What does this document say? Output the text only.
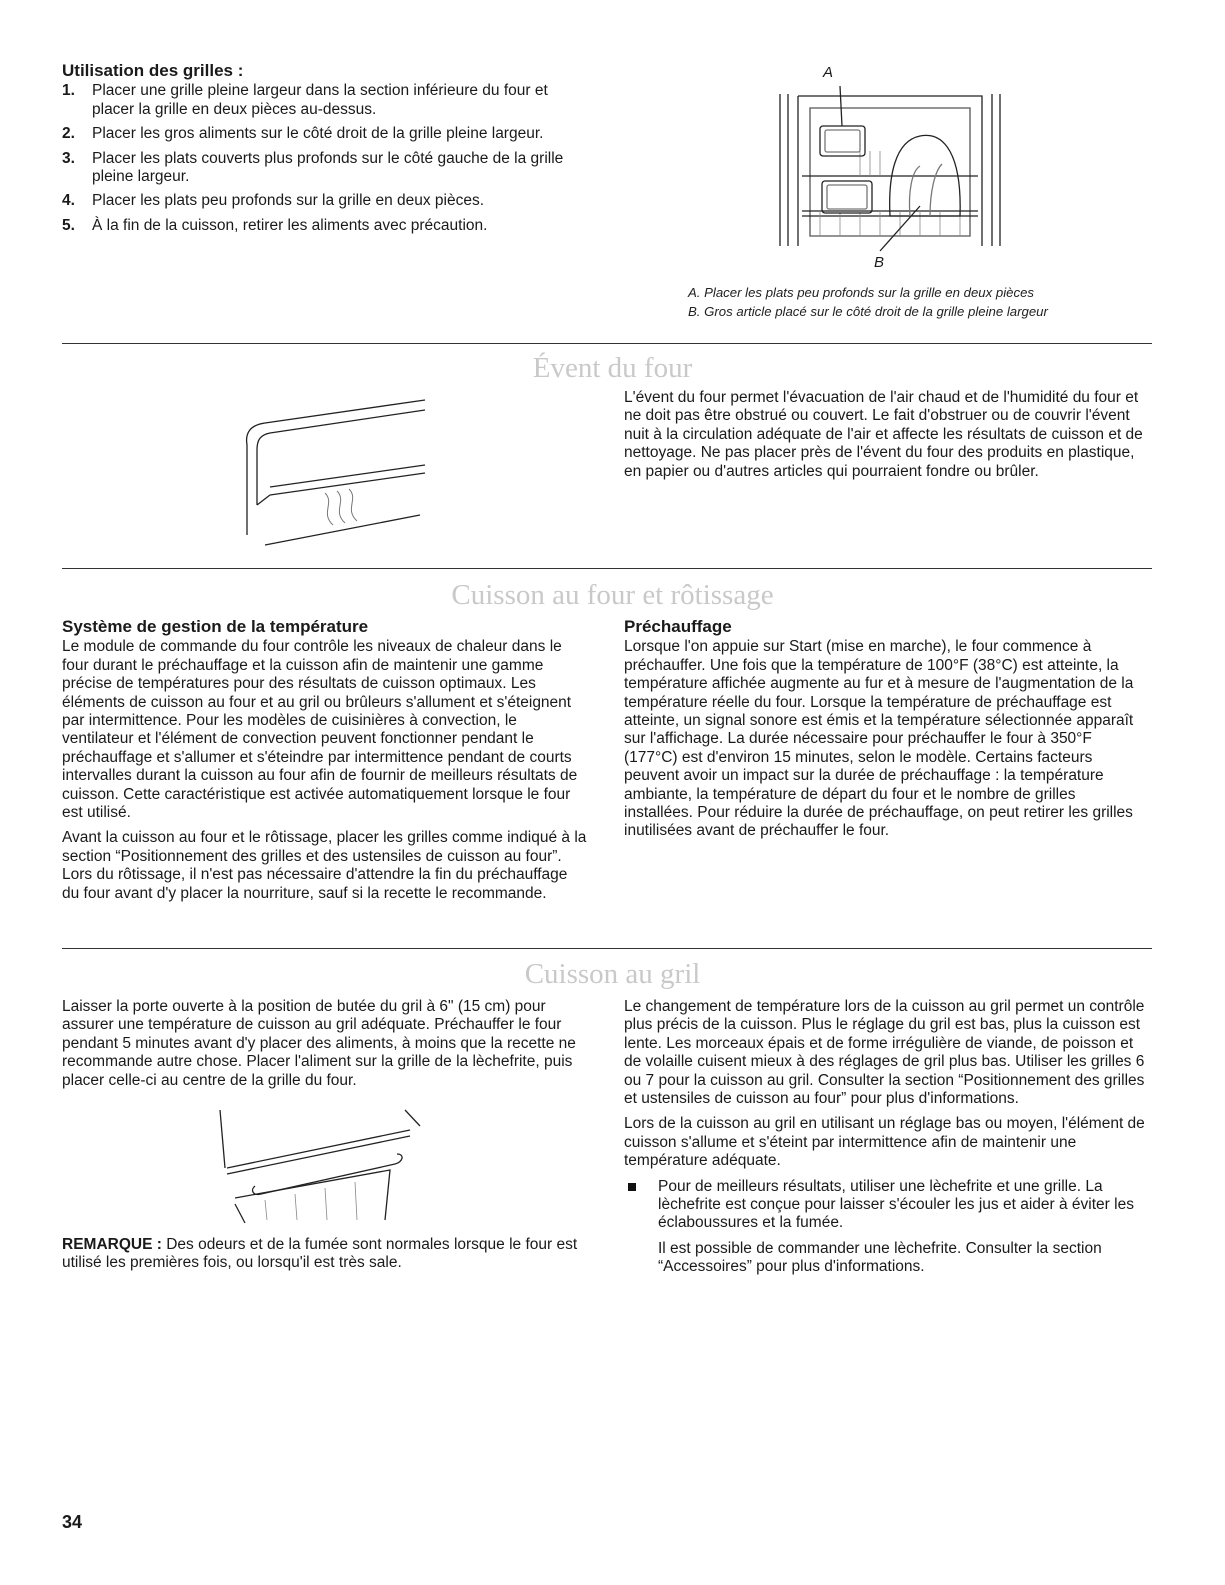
Utilisation des grilles :
1.	Placer une grille pleine largeur dans la section inférieure du four et placer la grille en deux pièces au-dessus.
2.	Placer les gros aliments sur le côté droit de la grille pleine largeur.
3.	Placer les plats couverts plus profonds sur le côté gauche de la grille pleine largeur.
4.	Placer les plats peu profonds sur la grille en deux pièces.
5.	À la fin de la cuisson, retirer les aliments avec précaution.
A
B
A. Placer les plats peu profonds sur la grille en deux pièces
B. Gros article placé sur le côté droit de la grille pleine largeur
Évent du four
L'évent du four permet l'évacuation de l'air chaud et de l'humidité du four et ne doit pas être obstrué ou couvert. Le fait d'obstruer ou de couvrir l'évent nuit à la circulation adéquate de l'air et affecte les résultats de cuisson et de nettoyage. Ne pas placer près de l'évent du four des produits en plastique, en papier ou d'autres articles qui pourraient fondre ou brûler.
Cuisson au four et rôtissage
Système de gestion de la température

Le module de commande du four contrôle les niveaux de chaleur dans le four durant le préchauffage et la cuisson afin de maintenir une gamme précise de températures pour des résultats de cuisson optimaux. Les éléments de cuisson au four et au gril ou brûleurs s'allument et s'éteignent par intermittence. Pour les modèles de cuisinières à convection, le ventilateur et l'élément de convection peuvent fonctionner pendant le préchauffage et s'allumer et s'éteindre par intermittence pendant de courts intervalles durant la cuisson au four afin de fournir de meilleurs résultats de cuisson. Cette caractéristique est activée automatiquement lorsque le four est utilisé.

Avant la cuisson au four et le rôtissage, placer les grilles comme indiqué à la section “Positionnement des grilles et des ustensiles de cuisson au four”. Lors du rôtissage, il n'est pas nécessaire d'attendre la fin du préchauffage du four avant d'y placer la nourriture, sauf si la recette le recommande.

Préchauffage

Lorsque l'on appuie sur Start (mise en marche), le four commence à préchauffer. Une fois que la température de 100°F (38°C) est atteinte, la température affichée augmente au fur et à mesure de l'augmentation de la température réelle du four. Lorsque la température de préchauffage est atteinte, un signal sonore est émis et la température sélectionnée apparaît sur l'affichage. La durée nécessaire pour préchauffer le four à 350°F (177°C) est d'environ 15 minutes, selon le modèle. Certains facteurs peuvent avoir un impact sur la durée de préchauffage : la température ambiante, la température de départ du four et le nombre de grilles installées. Pour réduire la durée de préchauffage, on peut retirer les grilles inutilisées avant de préchauffer le four.

Cuisson au gril
Laisser la porte ouverte à la position de butée du gril à 6" (15 cm) pour assurer une température de cuisson au gril adéquate. Préchauffer le four pendant 5 minutes avant d'y placer des aliments, à moins que la recette ne recommande autre chose. Placer l'aliment sur la grille de la lèchefrite, puis placer celle-ci au centre de la grille du four.
REMARQUE : Des odeurs et de la fumée sont normales lorsque le four est utilisé les premières fois, ou lorsqu'il est très sale.

Le changement de température lors de la cuisson au gril permet un contrôle plus précis de la cuisson. Plus le réglage du gril est bas, plus la cuisson est lente. Les morceaux épais et de forme irrégulière de viande, de poisson et de volaille cuisent mieux à des réglages de gril plus bas. Utiliser les grilles 6 ou 7 pour la cuisson au gril. Consulter la section “Positionnement des grilles et ustensiles de cuisson au four” pour plus d'informations.

Lors de la cuisson au gril en utilisant un réglage bas ou moyen, l'élément de cuisson s'allume et s'éteint par intermittence afin de maintenir une température adéquate.

Pour de meilleurs résultats, utiliser une lèchefrite et une grille. La lèchefrite est conçue pour laisser s'écouler les jus et aider à éviter les éclaboussures et la fumée.

Il est possible de commander une lèchefrite. Consulter la section “Accessoires” pour plus d'informations.

34
